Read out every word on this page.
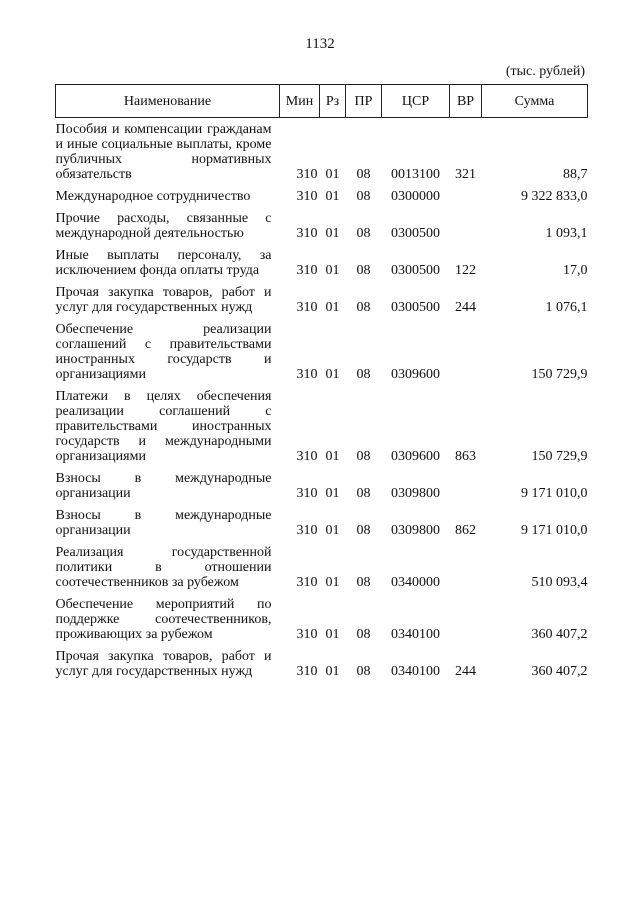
1132
(тыс. рублей)
Наименование	Мин	Рз	ПР	ЦСР	ВР	Сумма
Пособия и компенсации гражданам и иные социальные выплаты, кроме публичных нормативных обязательств	310	01	08	0013100	321	88,7
Международное сотрудничество	310	01	08	0300000		9 322 833,0
Прочие расходы, связанные с международной деятельностью	310	01	08	0300500		1 093,1
Иные выплаты персоналу, за исключением фонда оплаты труда	310	01	08	0300500	122	17,0
Прочая закупка товаров, работ и услуг для государственных нужд	310	01	08	0300500	244	1 076,1
Обеспечение реализации соглашений с правительствами иностранных государств и организациями	310	01	08	0309600		150 729,9
Платежи в целях обеспечения реализации соглашений с правительствами иностранных государств и международными организациями	310	01	08	0309600	863	150 729,9
Взносы в международные организации	310	01	08	0309800		9 171 010,0
Взносы в международные организации	310	01	08	0309800	862	9 171 010,0
Реализация государственной политики в отношении соотечественников за рубежом	310	01	08	0340000		510 093,4
Обеспечение мероприятий по поддержке соотечественников, проживающих за рубежом	310	01	08	0340100		360 407,2
Прочая закупка товаров, работ и услуг для государственных нужд	310	01	08	0340100	244	360 407,2
